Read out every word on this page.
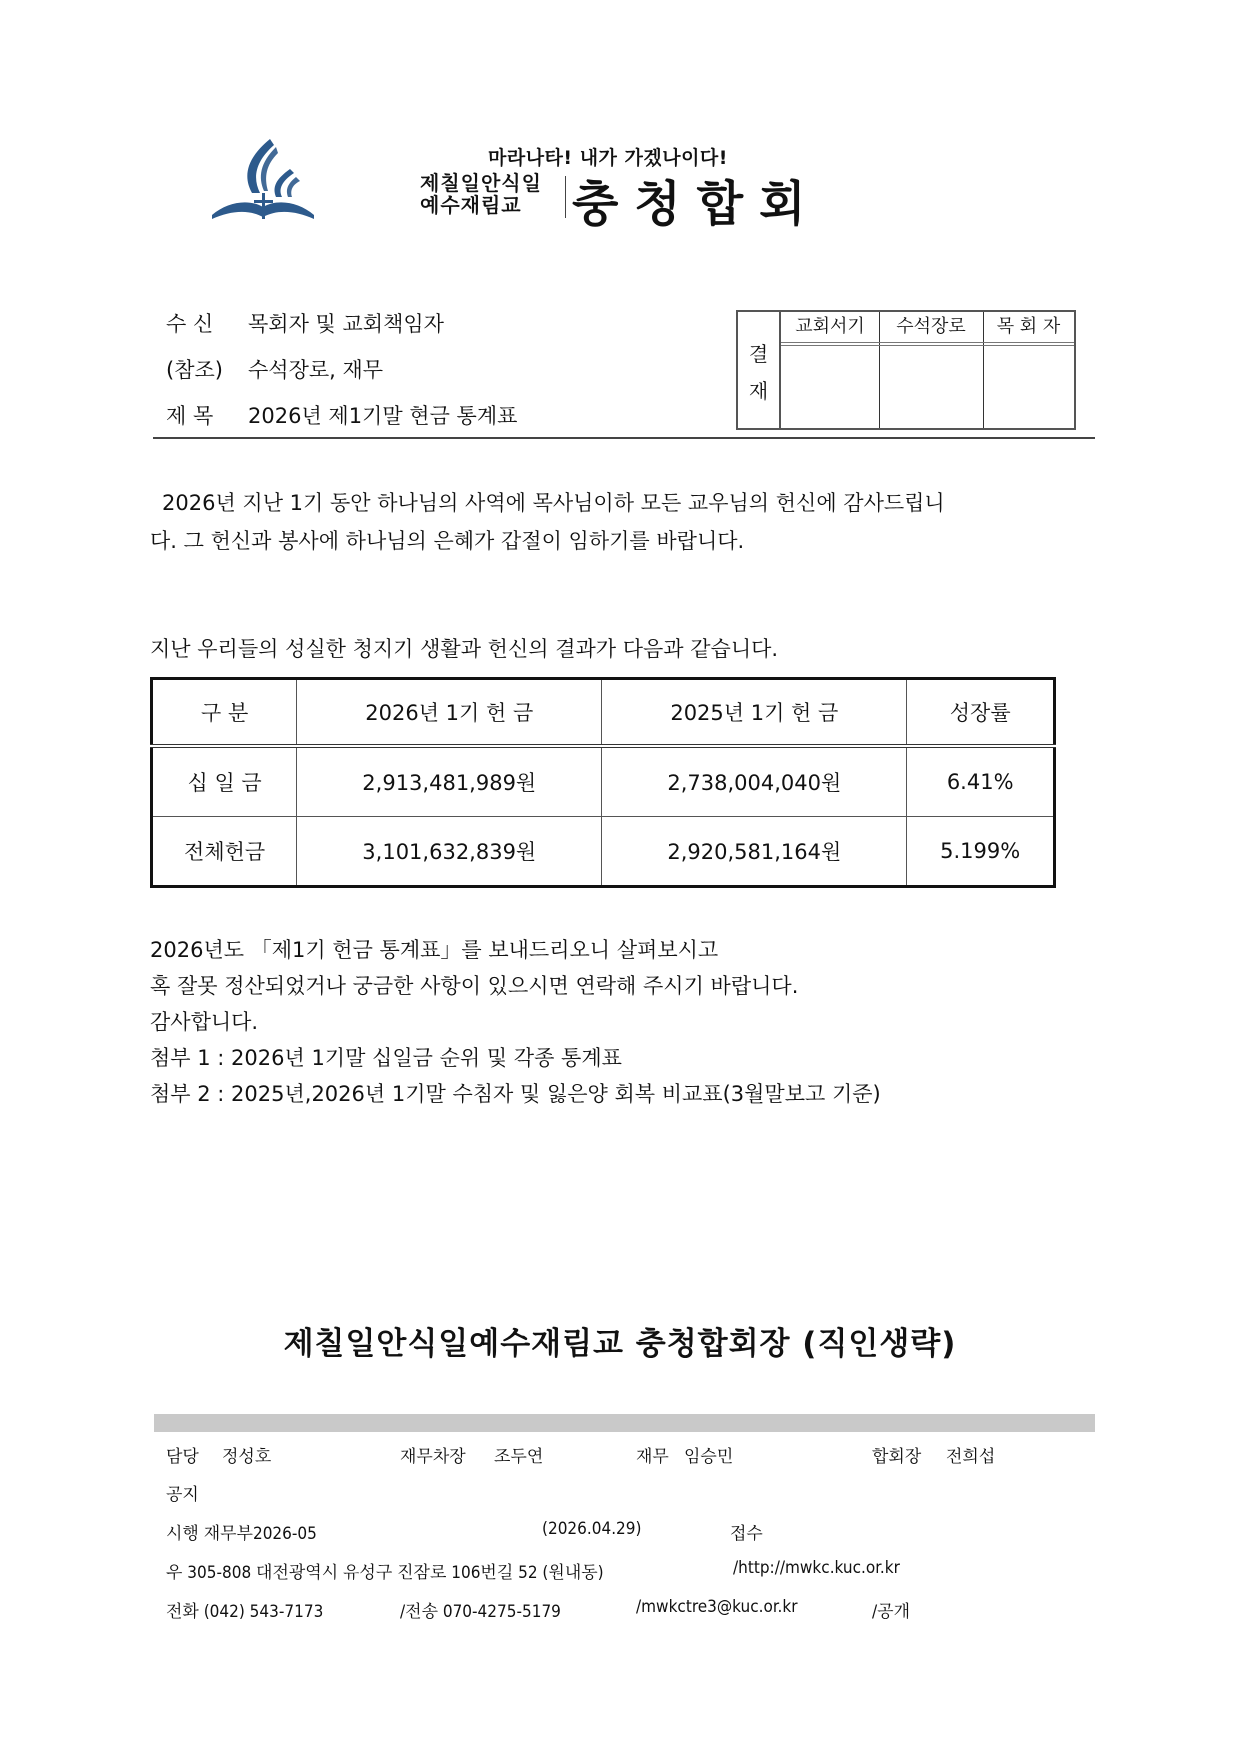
마라나타! 내가 가겠나이다!
제칠일안식일
예수재림교	충청합회
수 신 목회자 및 교회책임자
(참조) 수석장로, 재무
제 목 2026년 제1기말 현금 통계표
결
재
교회서기	수석장로	목 회 자
2026년 지난 1기 동안 하나님의 사역에 목사님이하 모든 교우님의 헌신에 감사드립니
다. 그 헌신과 봉사에 하나님의 은혜가 갑절이 임하기를 바랍니다.
지난 우리들의 성실한 청지기 생활과 헌신의 결과가 다음과 같습니다.
구 분	2026년 1기 헌 금	2025년 1기 헌 금	성장률
십 일 금	2,913,481,989원	2,738,004,040원	6.41%
전체헌금	3,101,632,839원	2,920,581,164원	5.199%
2026년도 「제1기 헌금 통계표」를 보내드리오니 살펴보시고
혹 잘못 정산되었거나 궁금한 사항이 있으시면 연락해 주시기 바랍니다.
감사합니다.
첨부 1 : 2026년 1기말 십일금 순위 및 각종 통계표
첨부 2 : 2025년,2026년 1기말 수침자 및 잃은양 회복 비교표(3월말보고 기준)
제칠일안식일예수재림교 충청합회장 (직인생략)
담당 정성호	재무차장 조두연	재무 임승민	합회장 전희섭
공지
시행 재무부2026-05	(2026.04.29)	접수
우 305-808 대전광역시 유성구 진잠로 106번길 52 (원내동)	/http://mwkc.kuc.or.kr
전화 (042) 543-7173	/전송 070-4275-5179	/mwkctre3@kuc.or.kr	/공개
